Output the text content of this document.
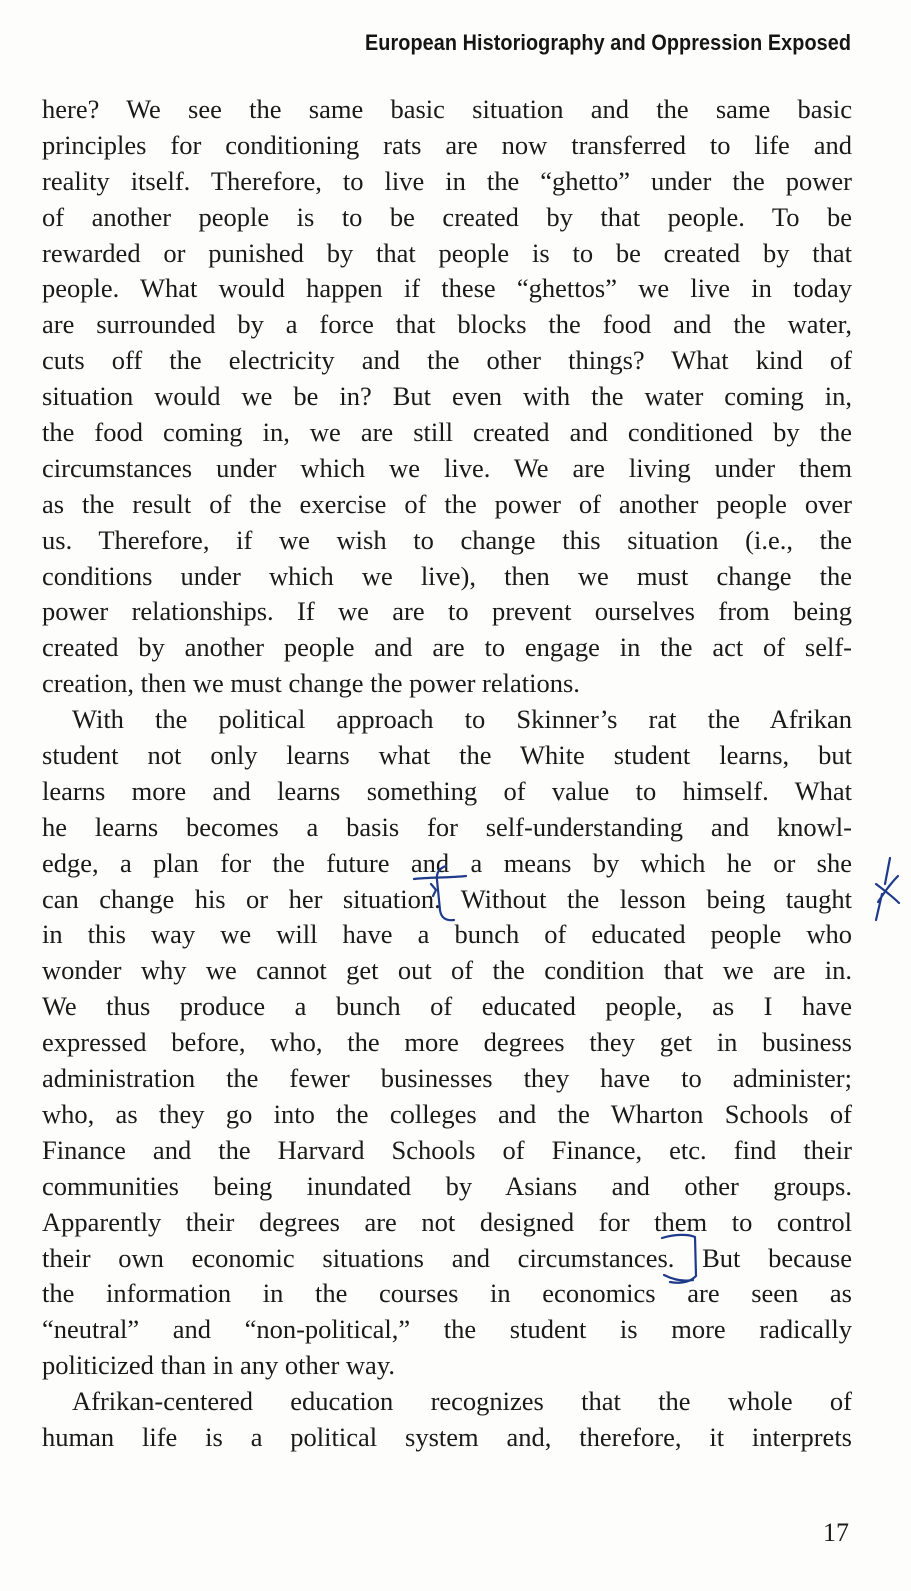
European Historiography and Oppression Exposed
here? We see the same basic situation and the same basic
principles for conditioning rats are now transferred to life and
reality itself. Therefore, to live in the “ghetto” under the power
of another people is to be created by that people. To be
rewarded or punished by that people is to be created by that
people. What would happen if these “ghettos” we live in today
are surrounded by a force that blocks the food and the water,
cuts off the electricity and the other things? What kind of
situation would we be in? But even with the water coming in,
the food coming in, we are still created and conditioned by the
circumstances under which we live. We are living under them
as the result of the exercise of the power of another people over
us. Therefore, if we wish to change this situation (i.e., the
conditions under which we live), then we must change the
power relationships. If we are to prevent ourselves from being
created by another people and are to engage in the act of self-
creation, then we must change the power relations.
With the political approach to Skinner’s rat the Afrikan
student not only learns what the White student learns, but
learns more and learns something of value to himself. What
he learns becomes a basis for self-understanding and knowl-
edge, a plan for the future and a means by which he or she
can change his or her situation. Without the lesson being taught
in this way we will have a bunch of educated people who
wonder why we cannot get out of the condition that we are in.
We thus produce a bunch of educated people, as I have
expressed before, who, the more degrees they get in business
administration the fewer businesses they have to administer;
who, as they go into the colleges and the Wharton Schools of
Finance and the Harvard Schools of Finance, etc. find their
communities being inundated by Asians and other groups.
Apparently their degrees are not designed for them to control
their own economic situations and circumstances. But because
the information in the courses in economics are seen as
“neutral” and “non-political,” the student is more radically
politicized than in any other way.
Afrikan-centered education recognizes that the whole of
human life is a political system and, therefore, it interprets
17
